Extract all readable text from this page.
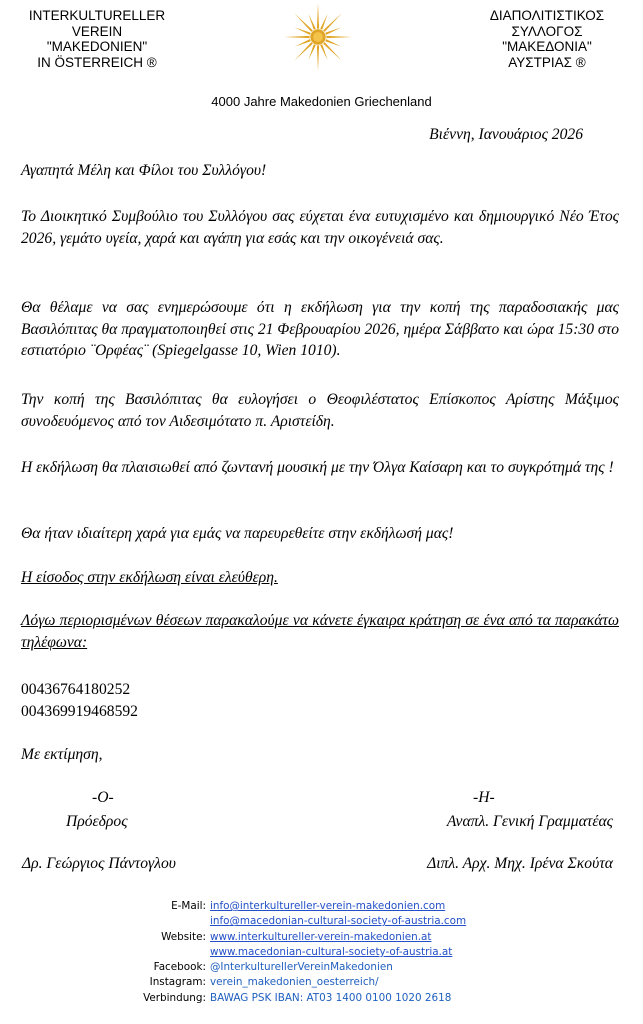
INTERKULTURELLER
VEREIN
"MAKEDONIEN"
IN ÖSTERREICH ®
ΔΙΑΠΟΛΙΤΙΣΤΙΚΟΣ
ΣΥΛΛΟΓΟΣ
"ΜΑΚΕΔΟΝΙΑ"
ΑΥΣΤΡΙΑΣ ®
4000 Jahre Makedonien Griechenland
Βιέννη, Ιανουάριος 2026
Αγαπητά Μέλη και Φίλοι του Συλλόγου!
Το Διοικητικό Συμβούλιο του Συλλόγου σας εύχεται ένα ευτυχισμένο και δημιουργικό Νέο Έτος 2026, γεμάτο υγεία, χαρά και αγάπη για εσάς και την οικογένειά σας.
Θα θέλαμε να σας ενημερώσουμε ότι η εκδήλωση για την κοπή της παραδοσιακής μας Βασιλόπιτας θα πραγματοποιηθεί στις 21 Φεβρουαρίου 2026, ημέρα Σάββατο και ώρα 15:30 στο εστιατόριο ¨Ορφέας¨ (Spiegelgasse 10, Wien 1010).
Την κοπή της Βασιλόπιτας θα ευλογήσει ο Θεοφιλέστατος Επίσκοπος Αρίστης Μάξιμος συνοδευόμενος από τον Αιδεσιμότατο π. Αριστείδη.
Η εκδήλωση θα πλαισιωθεί από ζωντανή μουσική με την Όλγα Καίσαρη και το συγκρότημά της !
Θα ήταν ιδιαίτερη χαρά για εμάς να παρευρεθείτε στην εκδήλωσή μας!
Η είσοδος στην εκδήλωση είναι ελεύθερη.
Λόγω περιορισμένων θέσεων παρακαλούμε να κάνετε έγκαιρα κράτηση σε ένα από τα παρακάτω τηλέφωνα:
00436764180252
004369919468592
Με εκτίμηση,
-Ο-
Πρόεδρος
Δρ. Γεώργιος Πάντογλου
-Η-
Αναπλ. Γενική Γραμματέας
Διπλ. Αρχ. Μηχ. Ιρένα Σκούτα
E-Mail: info@interkultureller-verein-makedonien.com
info@macedonian-cultural-society-of-austria.com
Website: www.interkultureller-verein-makedonien.at
www.macedonian-cultural-society-of-austria.at
Facebook: @InterkulturellerVereinMakedonien
Instagram: verein_makedonien_oesterreich/
Verbindung: BAWAG PSK IBAN: AT03 1400 0100 1020 2618
